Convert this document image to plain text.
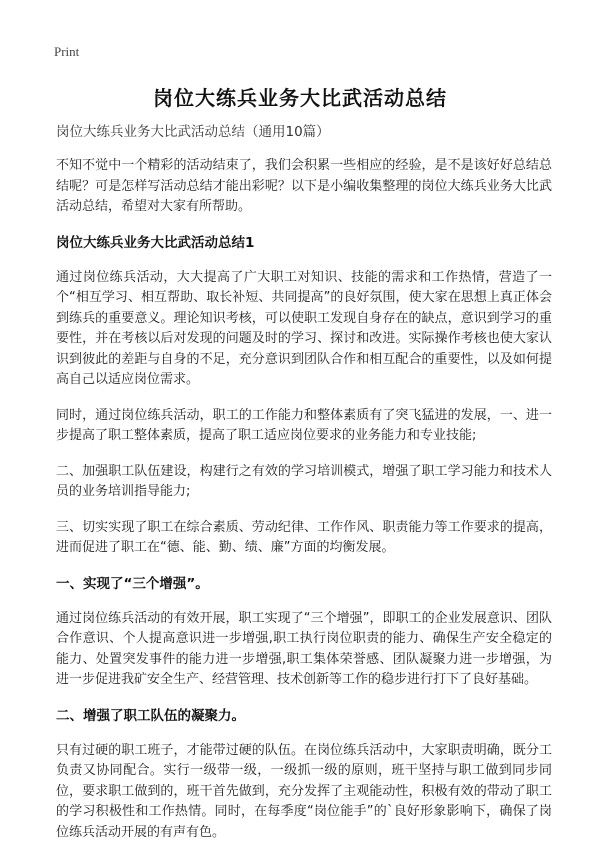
Print
岗位大练兵业务大比武活动总结
岗位大练兵业务大比武活动总结（通用10篇）

不知不觉中一个精彩的活动结束了，我们会积累一些相应的经验，是不是该好好总结总结呢？可是怎样写活动总结才能出彩呢？以下是小编收集整理的岗位大练兵业务大比武活动总结，希望对大家有所帮助。

岗位大练兵业务大比武活动总结1

通过岗位练兵活动，大大提高了广大职工对知识、技能的需求和工作热情，营造了一个“相互学习、相互帮助、取长补短、共同提高”的良好氛围，使大家在思想上真正体会到练兵的重要意义。理论知识考核，可以使职工发现自身存在的缺点，意识到学习的重要性，并在考核以后对发现的问题及时的学习、探讨和改进。实际操作考核也使大家认识到彼此的差距与自身的不足，充分意识到团队合作和相互配合的重要性，以及如何提高自己以适应岗位需求。

同时，通过岗位练兵活动，职工的工作能力和整体素质有了突飞猛进的发展，一、进一步提高了职工整体素质，提高了职工适应岗位要求的业务能力和专业技能;

二、加强职工队伍建设，构建行之有效的学习培训模式，增强了职工学习能力和技术人员的业务培训指导能力;

三、切实实现了职工在综合素质、劳动纪律、工作作风、职责能力等工作要求的提高，进而促进了职工在“德、能、勤、绩、廉”方面的均衡发展。

一、实现了“三个增强”。

通过岗位练兵活动的有效开展，职工实现了“三个增强”，即职工的企业发展意识、团队合作意识、个人提高意识进一步增强,职工执行岗位职责的能力、确保生产安全稳定的能力、处置突发事件的能力进一步增强,职工集体荣誉感、团队凝聚力进一步增强，为进一步促进我矿安全生产、经营管理、技术创新等工作的稳步进行打下了良好基础。

二、增强了职工队伍的凝聚力。

只有过硬的职工班子，才能带过硬的队伍。在岗位练兵活动中，大家职责明确，既分工负责又协同配合。实行一级带一级，一级抓一级的原则，班干坚持与职工做到同步同位，要求职工做到的，班干首先做到，充分发挥了主观能动性，积极有效的带动了职工的学习积极性和工作热情。同时，在每季度“岗位能手”的`良好形象影响下，确保了岗位练兵活动开展的有声有色。
